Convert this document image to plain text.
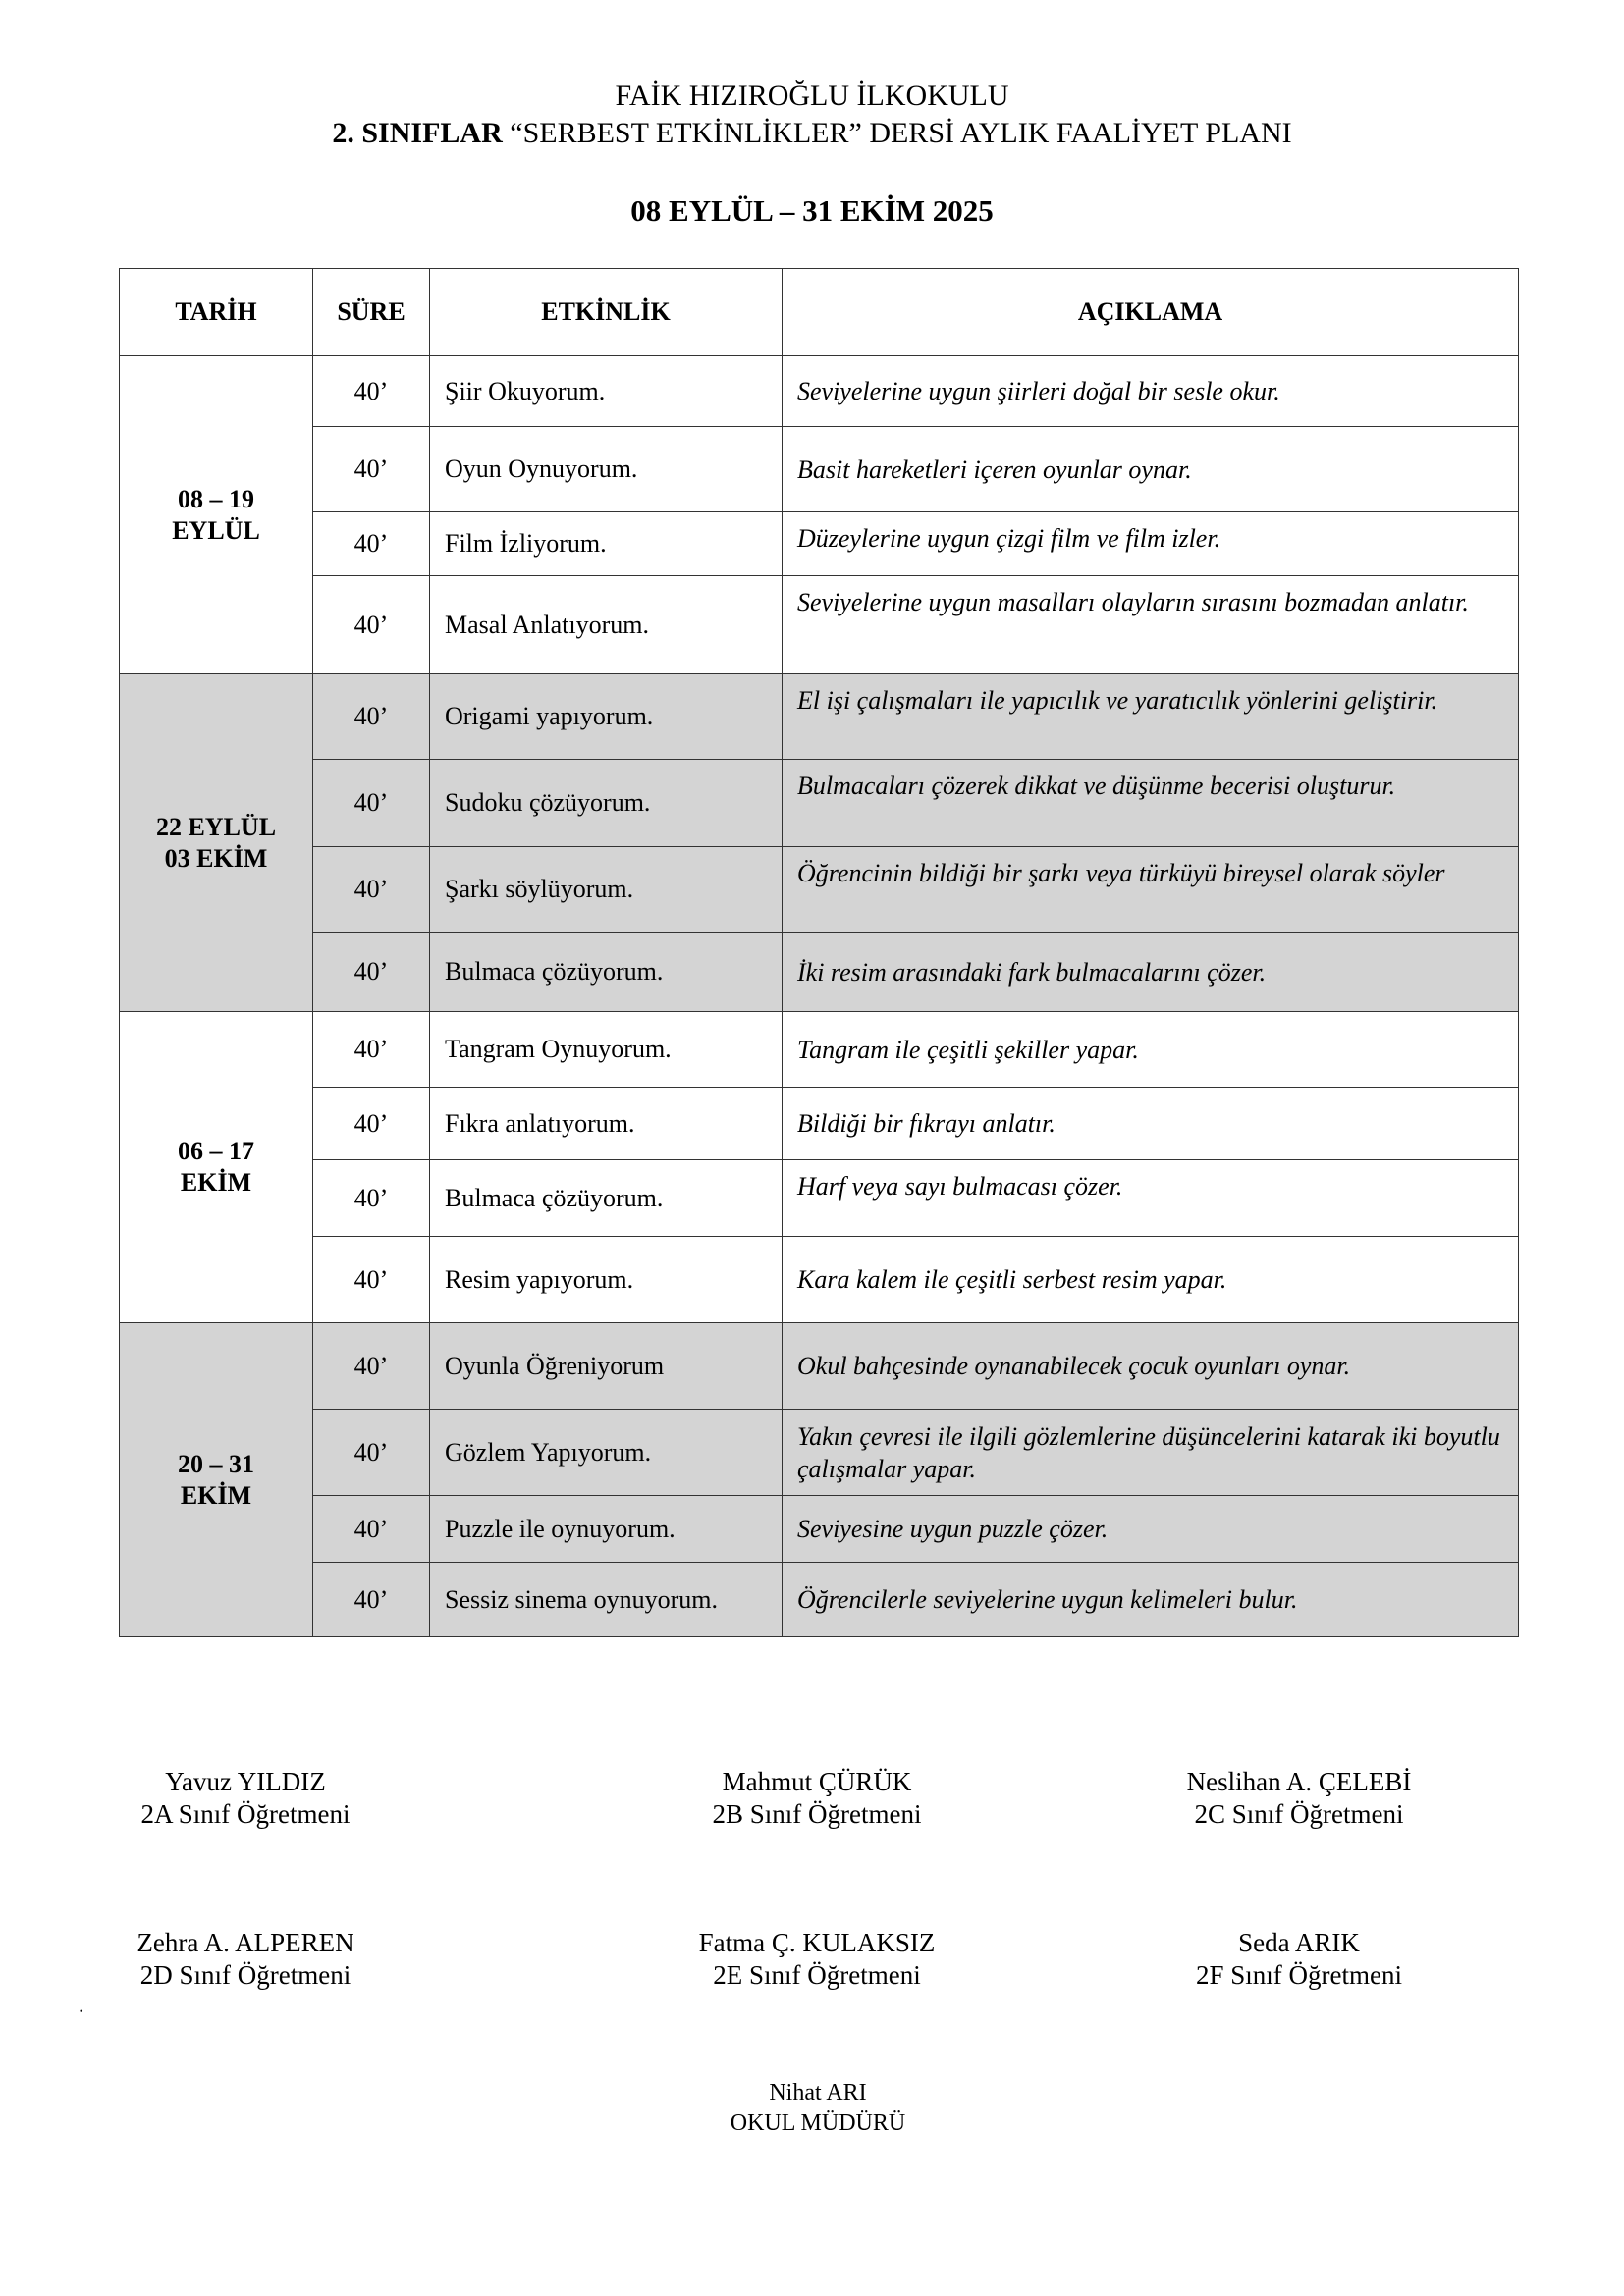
FAİK HIZIROĞLU İLKOKULU
2. SINIFLAR “SERBEST ETKİNLİKLER” DERSİ AYLIK FAALİYET PLANI
08 EYLÜL – 31 EKİM 2025
TARİH	SÜRE	ETKİNLİK	AÇIKLAMA
08 – 19
EYLÜL	40’	Şiir Okuyorum.	Seviyelerine uygun şiirleri doğal bir sesle okur.
	40’	Oyun Oynuyorum.	Basit hareketleri içeren oyunlar oynar.
	40’	Film İzliyorum.	Düzeylerine uygun çizgi film ve film izler.
	40’	Masal Anlatıyorum.	Seviyelerine uygun masalları olayların sırasını bozmadan anlatır.
22 EYLÜL
03 EKİM	40’	Origami yapıyorum.	El işi çalışmaları ile yapıcılık ve yaratıcılık yönlerini geliştirir.
	40’	Sudoku çözüyorum.	Bulmacaları çözerek dikkat ve düşünme becerisi oluşturur.
	40’	Şarkı söylüyorum.	Öğrencinin bildiği bir şarkı veya türküyü bireysel olarak söyler
	40’	Bulmaca çözüyorum.	İki resim arasındaki fark bulmacalarını çözer.
06 – 17
EKİM	40’	Tangram Oynuyorum.	Tangram ile çeşitli şekiller yapar.
	40’	Fıkra anlatıyorum.	Bildiği bir fıkrayı anlatır.
	40’	Bulmaca çözüyorum.	Harf veya sayı bulmacası çözer.
	40’	Resim yapıyorum.	Kara kalem ile çeşitli serbest resim yapar.
20 – 31
EKİM	40’	Oyunla Öğreniyorum	Okul bahçesinde oynanabilecek çocuk oyunları oynar.
	40’	Gözlem Yapıyorum.	Yakın çevresi ile ilgili gözlemlerine düşüncelerini katarak iki boyutlu çalışmalar yapar.
	40’	Puzzle ile oynuyorum.	Seviyesine uygun puzzle çözer.
	40’	Sessiz sinema oynuyorum.	Öğrencilerle seviyelerine uygun kelimeleri bulur.
Yavuz YILDIZ
2A Sınıf Öğretmeni
Mahmut ÇÜRÜK
2B Sınıf Öğretmeni
Neslihan A. ÇELEBİ
2C Sınıf Öğretmeni
Zehra A. ALPEREN
2D Sınıf Öğretmeni
Fatma Ç. KULAKSIZ
2E Sınıf Öğretmeni
Seda ARIK
2F Sınıf Öğretmeni
.
Nihat ARI
OKUL MÜDÜRÜ
